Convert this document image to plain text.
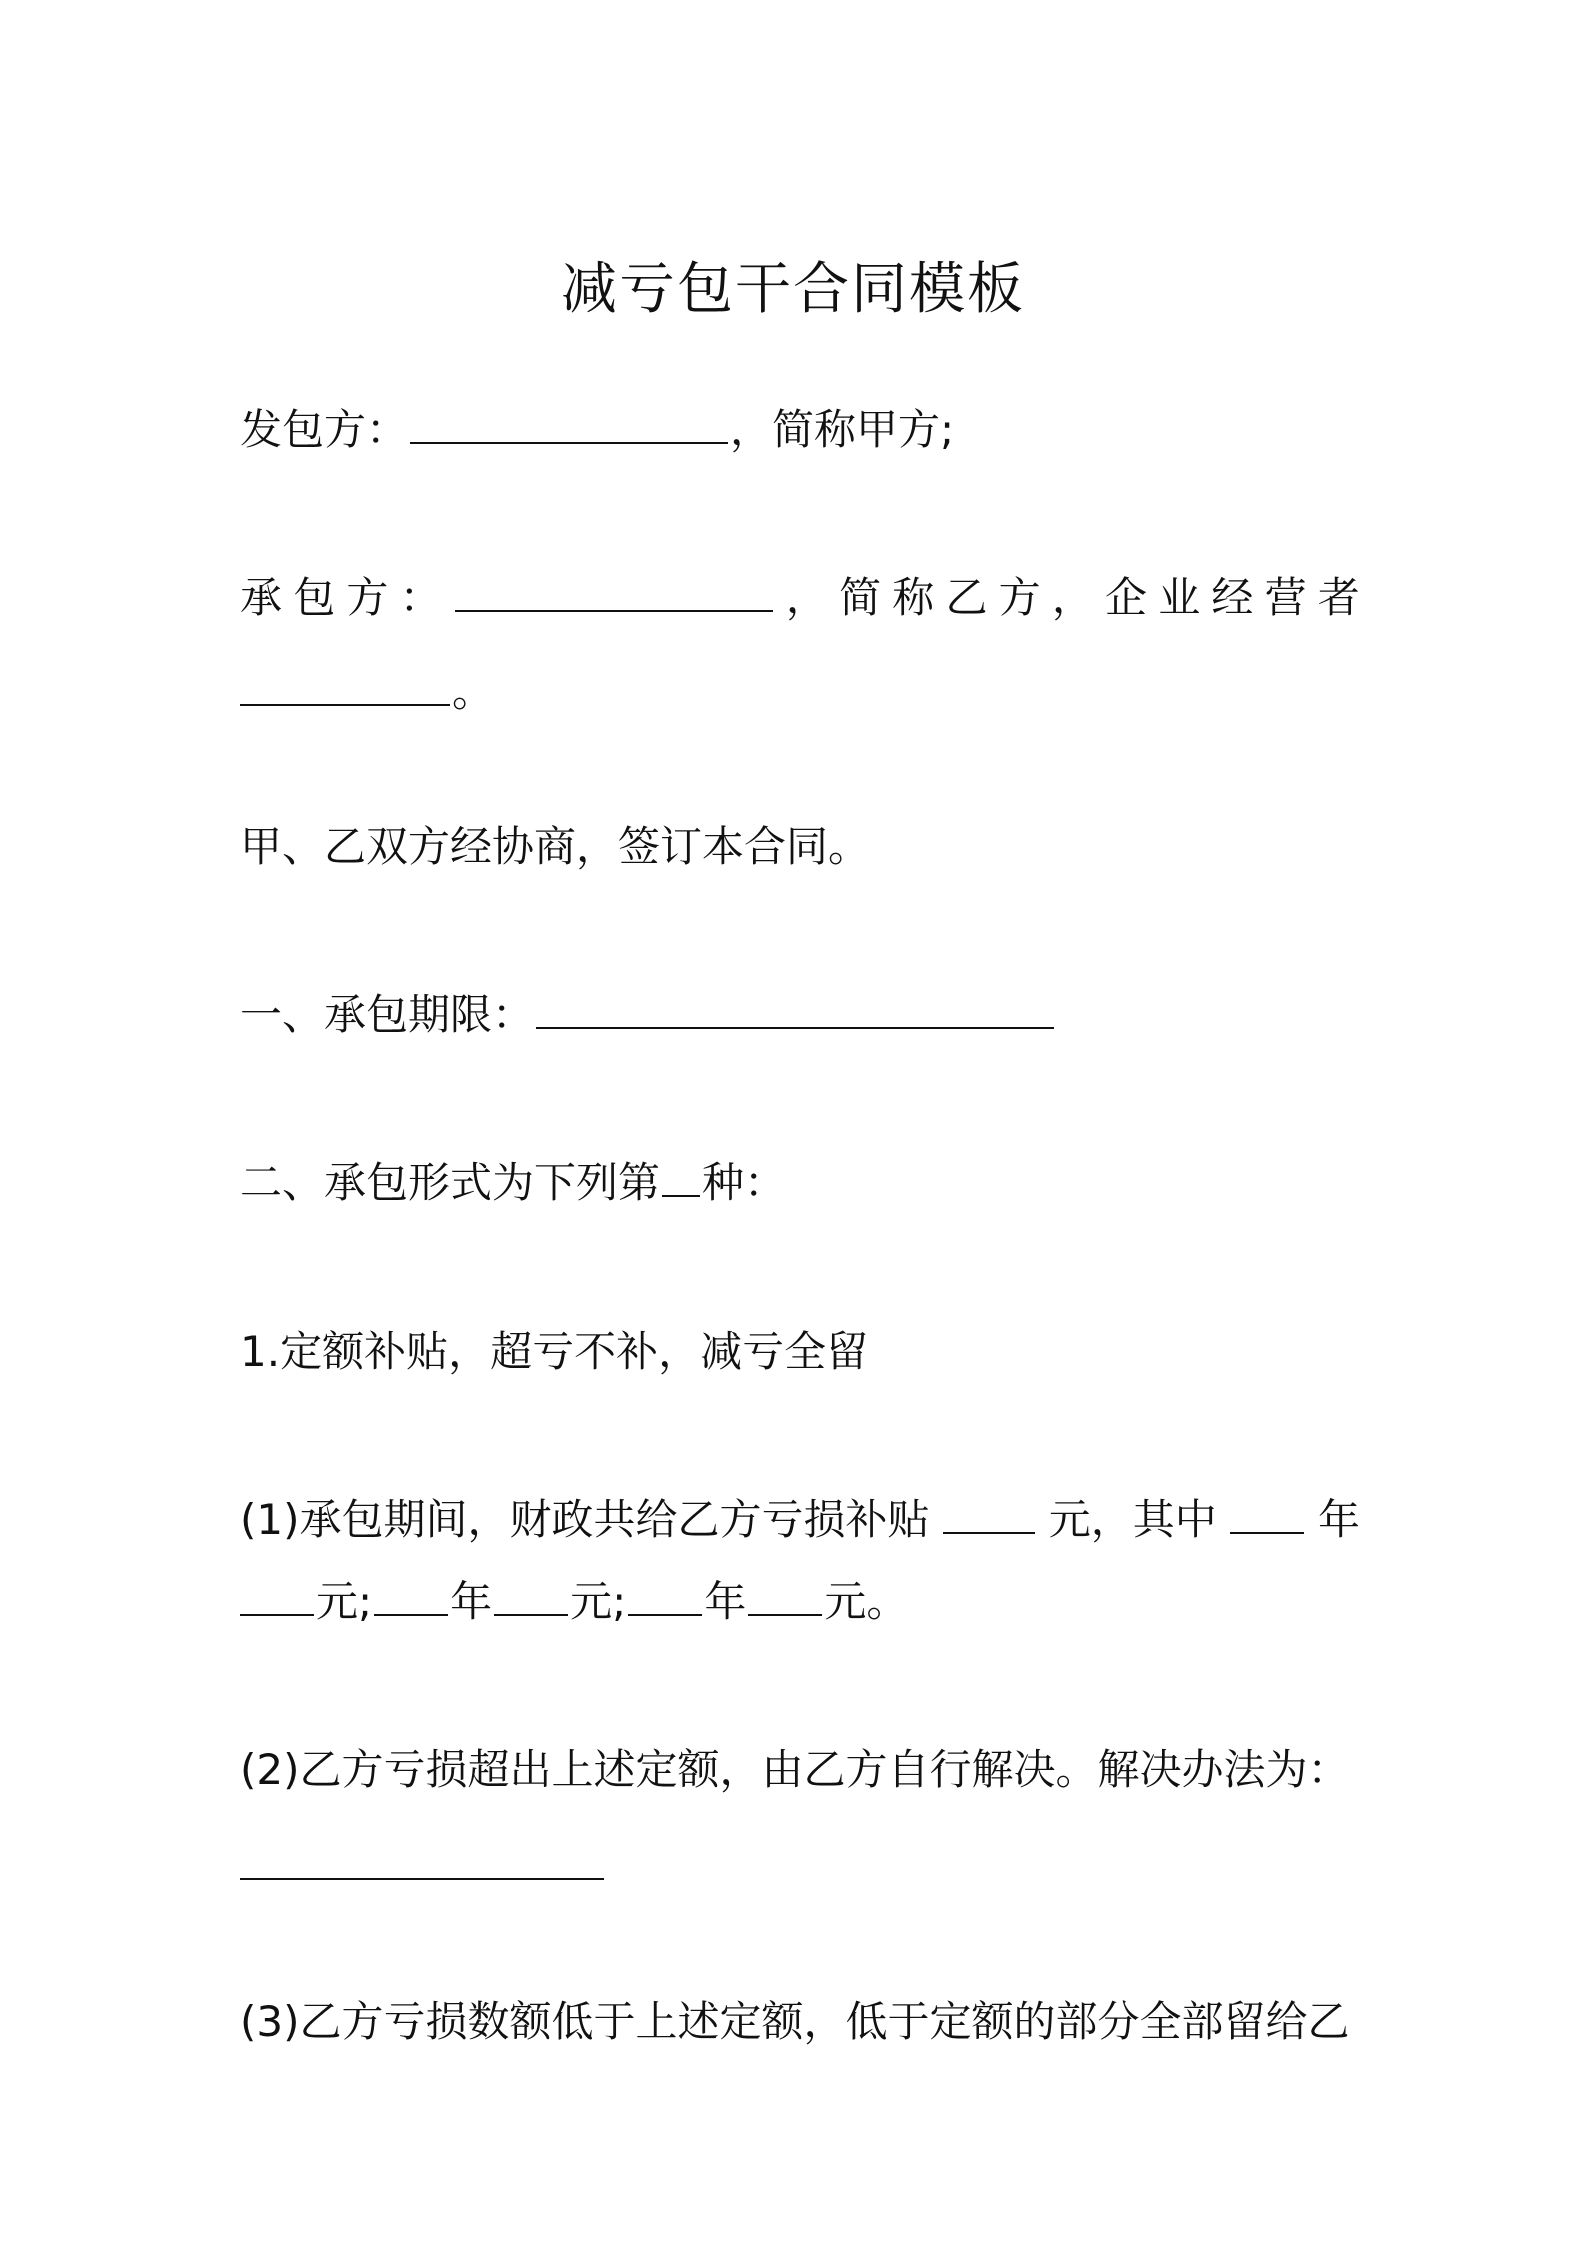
减亏包干合同模板
发包方：	，简称甲方;
承 包 方 ：	， 简 称 乙 方 ， 企 业 经 营 者
。
甲、乙双方经协商，签订本合同。
一、承包期限：
二、承包形式为下列第 种：
1.定额补贴，超亏不补，减亏全留
(1)承包期间，财政共给乙方亏损补贴	元，其中 年
元; 年 元; 年 元。
(2)乙方亏损超出上述定额，由乙方自行解决。解决办法为：
(3)乙方亏损数额低于上述定额，低于定额的部分全部留给乙
